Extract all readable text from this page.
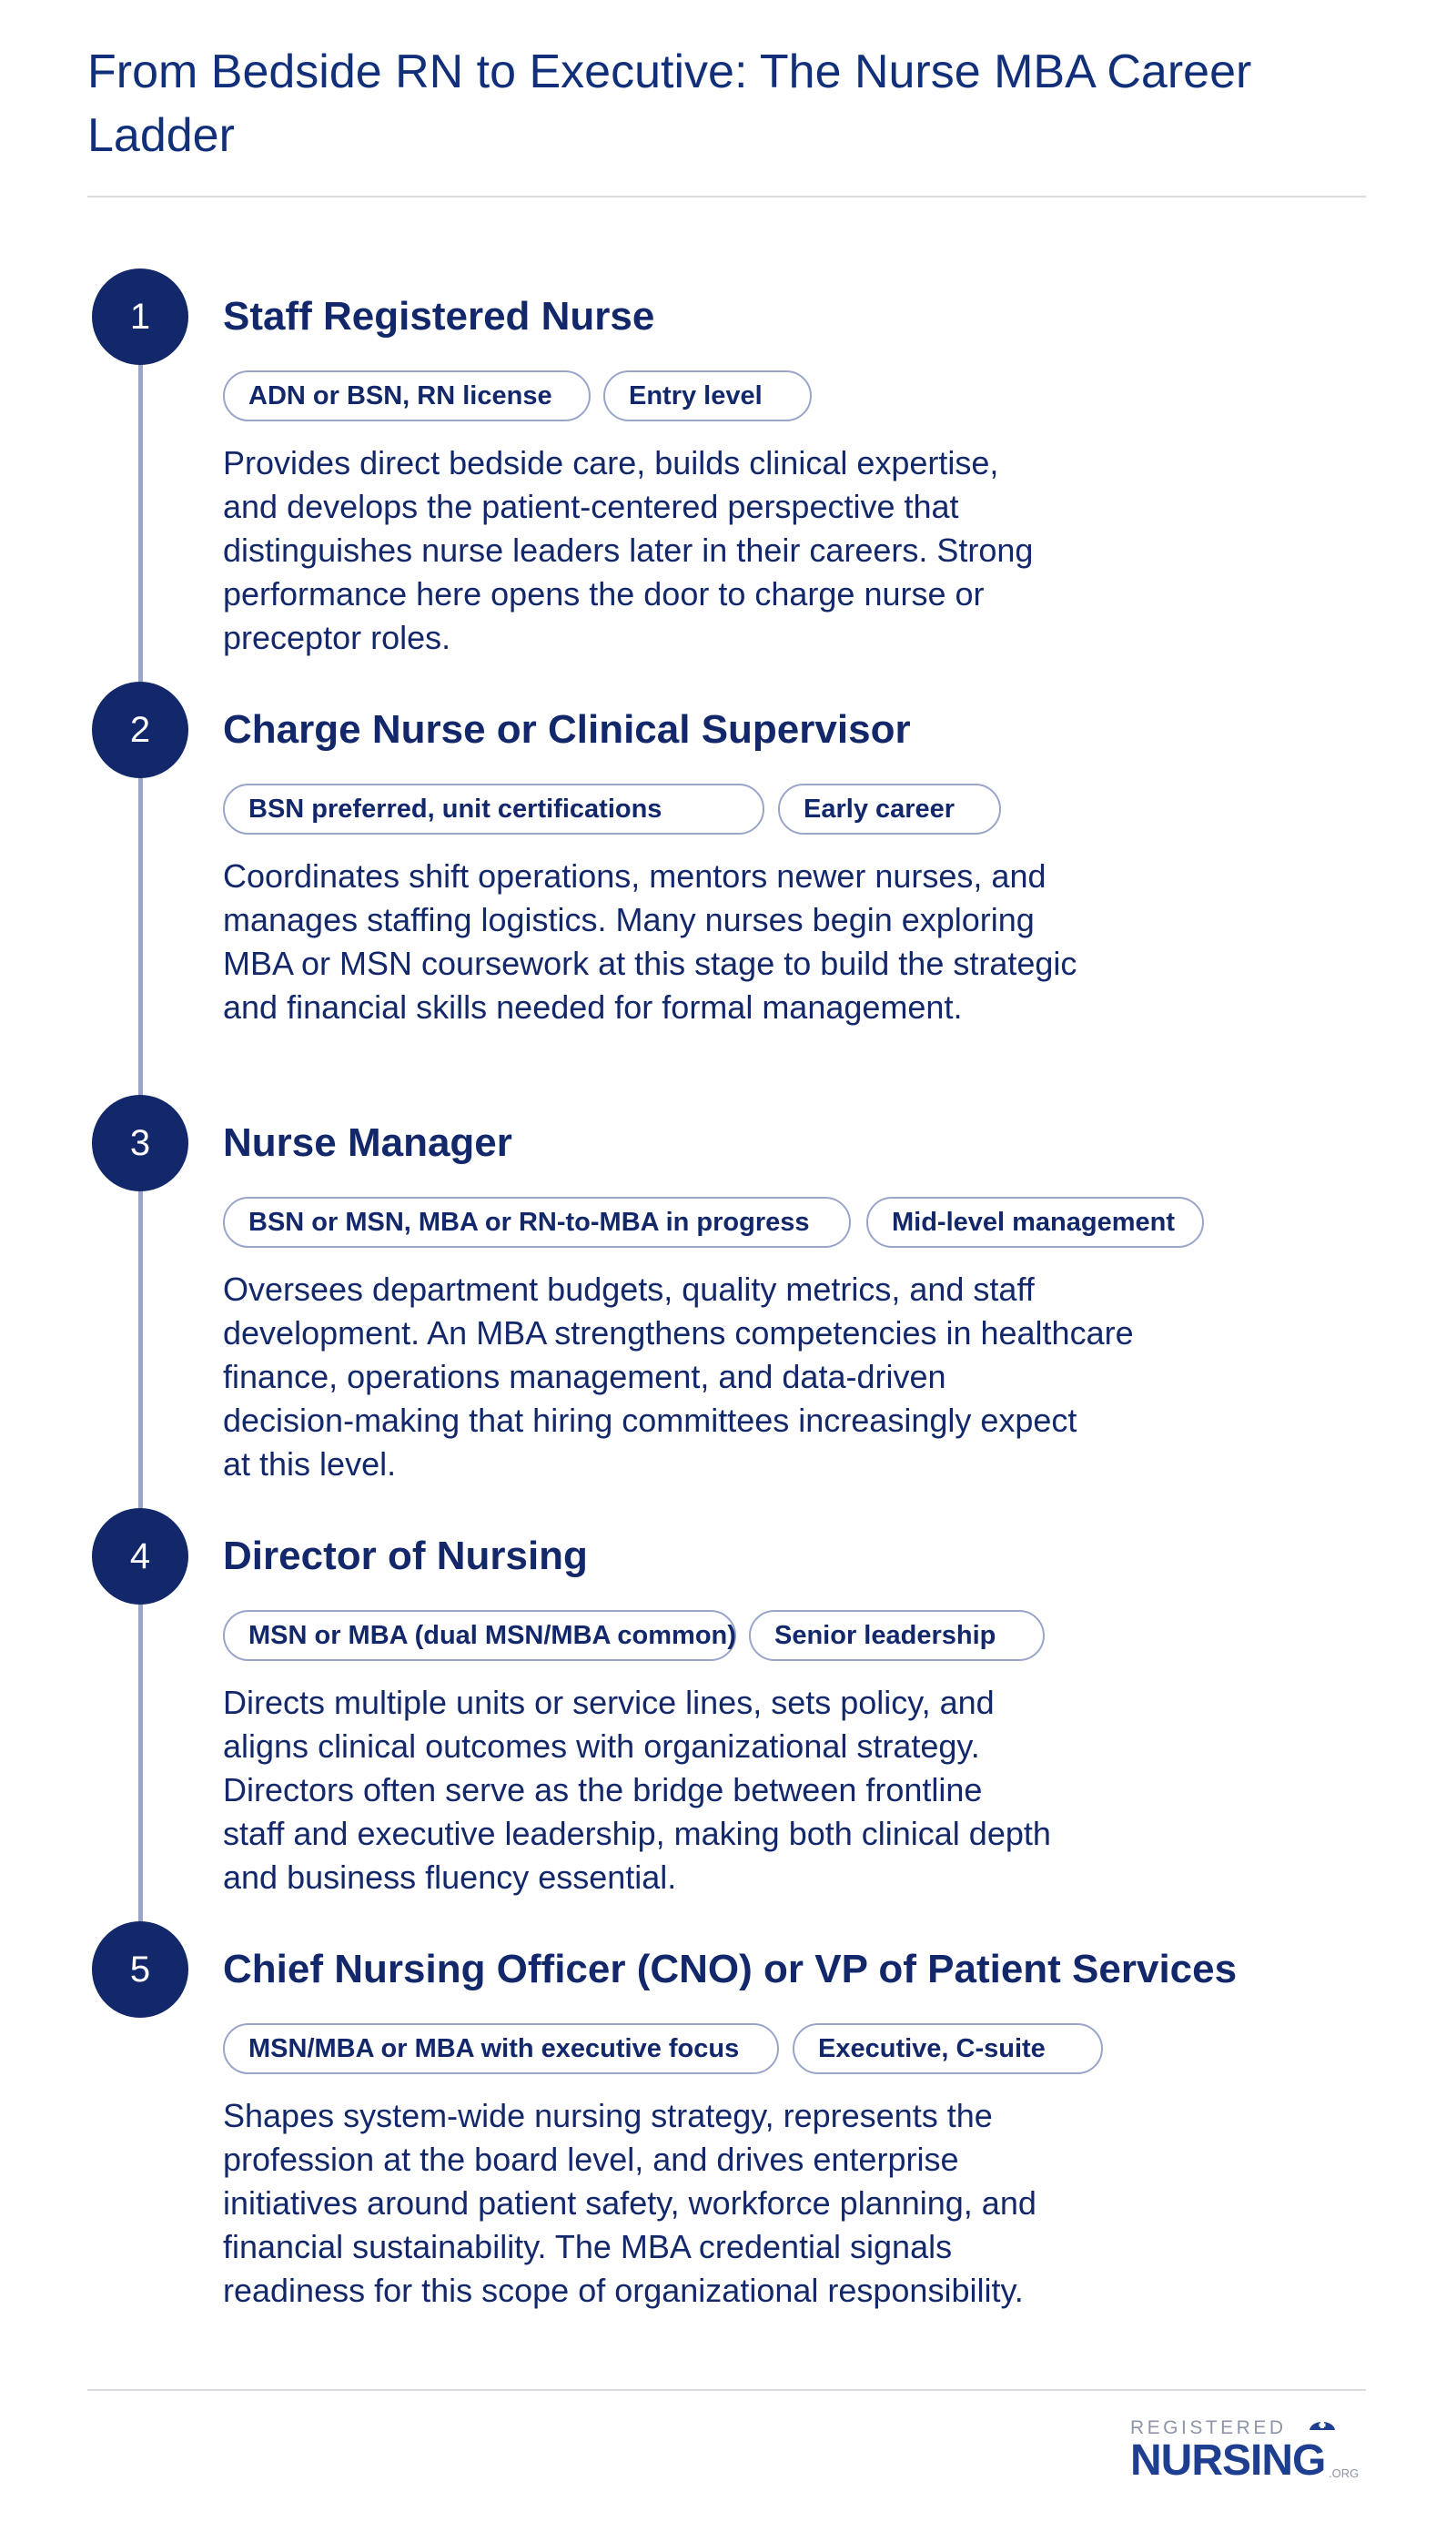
From Bedside RN to Executive: The Nurse MBA Career Ladder
1	Staff Registered Nurse
ADN or BSN, RN license	Entry level
Provides direct bedside care, builds clinical expertise,
and develops the patient-centered perspective that
distinguishes nurse leaders later in their careers. Strong
performance here opens the door to charge nurse or
preceptor roles.
2	Charge Nurse or Clinical Supervisor
BSN preferred, unit certifications	Early career
Coordinates shift operations, mentors newer nurses, and
manages staffing logistics. Many nurses begin exploring
MBA or MSN coursework at this stage to build the strategic
and financial skills needed for formal management.
3	Nurse Manager
BSN or MSN, MBA or RN-to-MBA in progress	Mid-level management
Oversees department budgets, quality metrics, and staff
development. An MBA strengthens competencies in healthcare
finance, operations management, and data-driven
decision-making that hiring committees increasingly expect
at this level.
4	Director of Nursing
MSN or MBA (dual MSN/MBA common)	Senior leadership
Directs multiple units or service lines, sets policy, and
aligns clinical outcomes with organizational strategy.
Directors often serve as the bridge between frontline
staff and executive leadership, making both clinical depth
and business fluency essential.
5	Chief Nursing Officer (CNO) or VP of Patient Services
MSN/MBA or MBA with executive focus	Executive, C-suite
Shapes system-wide nursing strategy, represents the
profession at the board level, and drives enterprise
initiatives around patient safety, workforce planning, and
financial sustainability. The MBA credential signals
readiness for this scope of organizational responsibility.
REGISTERED
NURSING .ORG
